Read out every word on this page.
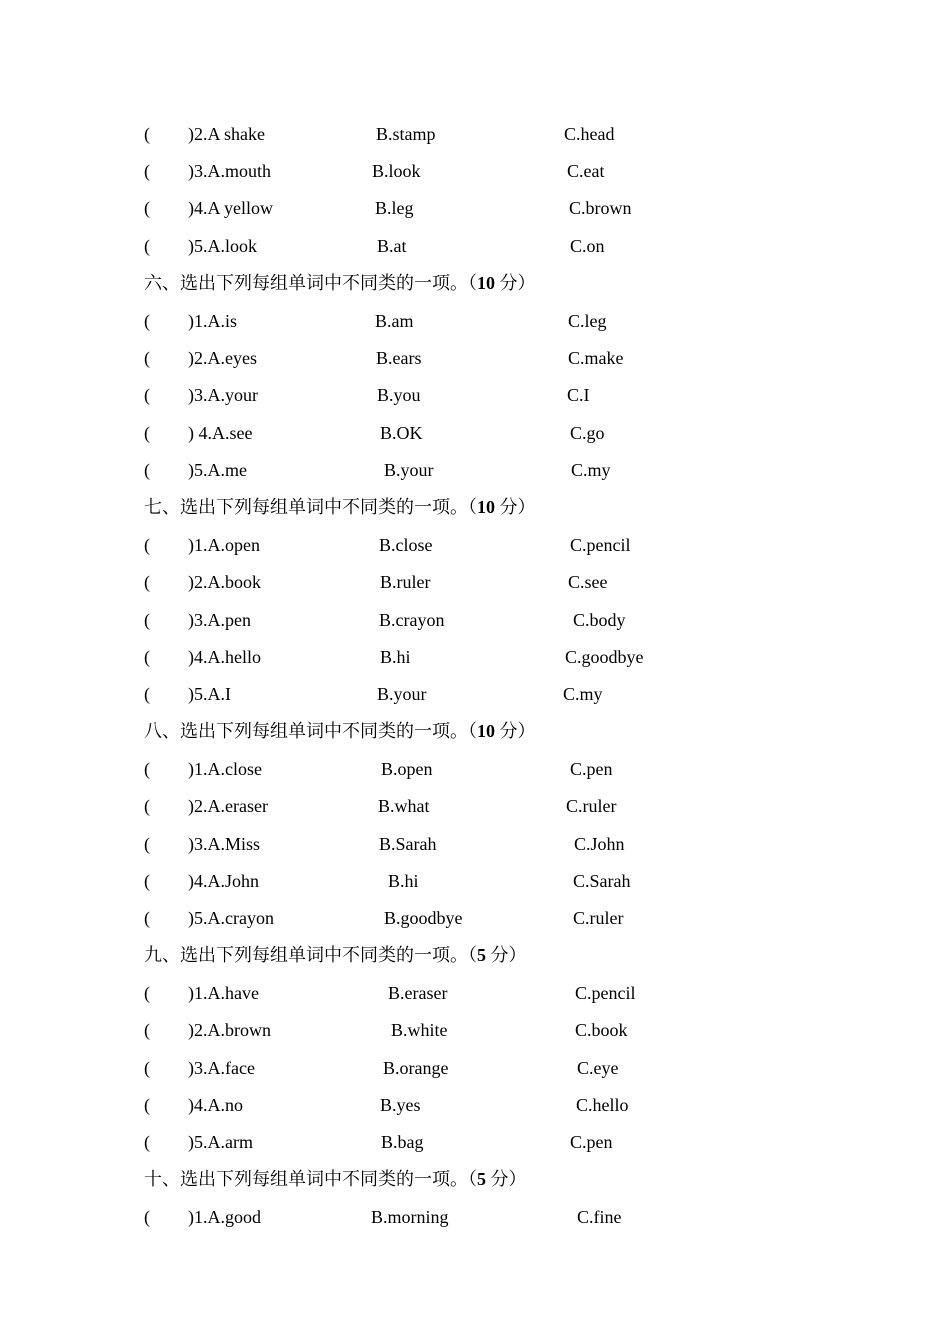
( )2.A shake	B.stamp	C.head
( )3.A.mouth	B.look	C.eat
( )4.A yellow	B.leg	C.brown
( )5.A.look	B.at	C.on
六、选出下列每组单词中不同类的一项。（10 分）
( )1.A.is	B.am	C.leg
( )2.A.eyes	B.ears	C.make
( )3.A.your	B.you	C.I
( ) 4.A.see	B.OK	C.go
( )5.A.me	B.your	C.my
七、选出下列每组单词中不同类的一项。（10 分）
( )1.A.open	B.close	C.pencil
( )2.A.book	B.ruler	C.see
( )3.A.pen	B.crayon	C.body
( )4.A.hello	B.hi	C.goodbye
( )5.A.I	B.your	C.my
八、选出下列每组单词中不同类的一项。（10 分）
( )1.A.close	B.open	C.pen
( )2.A.eraser	B.what	C.ruler
( )3.A.Miss	B.Sarah	C.John
( )4.A.John	B.hi	C.Sarah
( )5.A.crayon	B.goodbye	C.ruler
九、选出下列每组单词中不同类的一项。（5 分）
( )1.A.have	B.eraser	C.pencil
( )2.A.brown	B.white	C.book
( )3.A.face	B.orange	C.eye
( )4.A.no	B.yes	C.hello
( )5.A.arm	B.bag	C.pen
十、选出下列每组单词中不同类的一项。（5 分）
( )1.A.good	B.morning	C.fine
